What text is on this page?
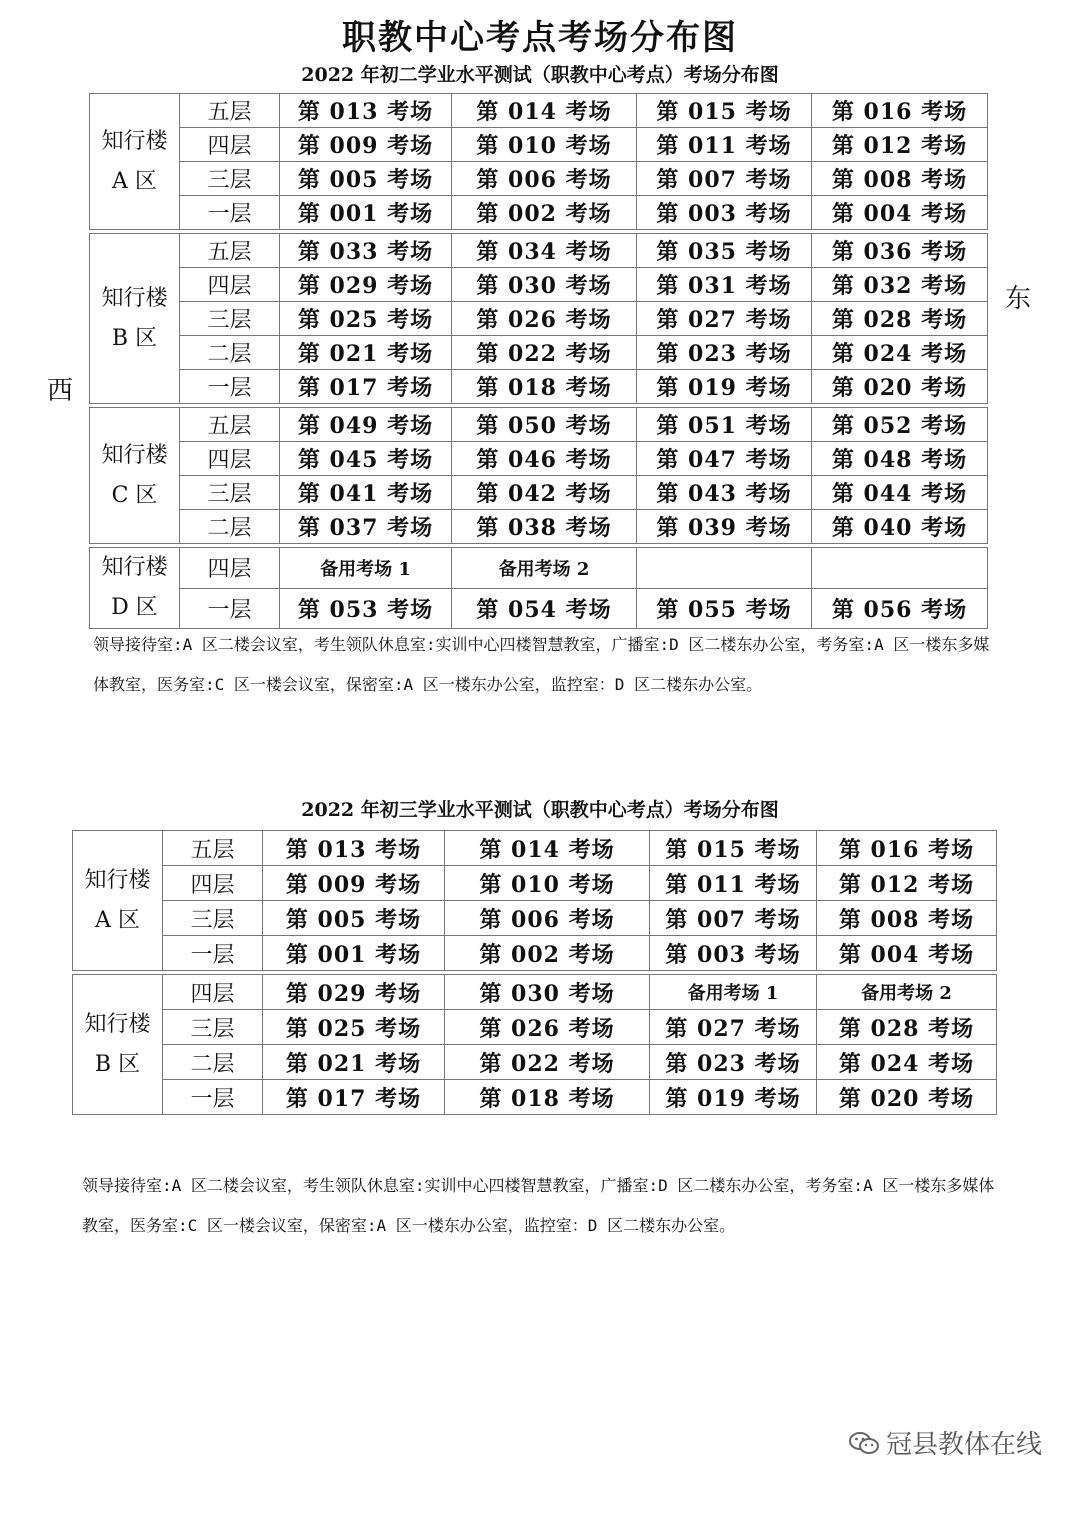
职教中心考点考场分布图
2022 年初二学业水平测试（职教中心考点）考场分布图
东
西
知行楼
A 区	五层	第 013 考场	第 014 考场	第 015 考场	第 016 考场
	四层	第 009 考场	第 010 考场	第 011 考场	第 012 考场
	三层	第 005 考场	第 006 考场	第 007 考场	第 008 考场
	一层	第 001 考场	第 002 考场	第 003 考场	第 004 考场

知行楼
B 区	五层	第 033 考场	第 034 考场	第 035 考场	第 036 考场
	四层	第 029 考场	第 030 考场	第 031 考场	第 032 考场
	三层	第 025 考场	第 026 考场	第 027 考场	第 028 考场
	二层	第 021 考场	第 022 考场	第 023 考场	第 024 考场
	一层	第 017 考场	第 018 考场	第 019 考场	第 020 考场

知行楼
C 区	五层	第 049 考场	第 050 考场	第 051 考场	第 052 考场
	四层	第 045 考场	第 046 考场	第 047 考场	第 048 考场
	三层	第 041 考场	第 042 考场	第 043 考场	第 044 考场
	二层	第 037 考场	第 038 考场	第 039 考场	第 040 考场

知行楼
D 区	四层	备用考场 1	备用考场 2		
	一层	第 053 考场	第 054 考场	第 055 考场	第 056 考场
领导接待室:A 区二楼会议室，考生领队休息室:实训中心四楼智慧教室，广播室:D 区二楼东办公室，考务室:A 区一楼东多媒体教室，医务室:C 区一楼会议室，保密室:A 区一楼东办公室，监控室：D 区二楼东办公室。
2022 年初三学业水平测试（职教中心考点）考场分布图
知行楼
A 区	五层	第 013 考场	第 014 考场	第 015 考场	第 016 考场
	四层	第 009 考场	第 010 考场	第 011 考场	第 012 考场
	三层	第 005 考场	第 006 考场	第 007 考场	第 008 考场
	一层	第 001 考场	第 002 考场	第 003 考场	第 004 考场

知行楼
B 区	四层	第 029 考场	第 030 考场	备用考场 1	备用考场 2
	三层	第 025 考场	第 026 考场	第 027 考场	第 028 考场
	二层	第 021 考场	第 022 考场	第 023 考场	第 024 考场
	一层	第 017 考场	第 018 考场	第 019 考场	第 020 考场
领导接待室:A 区二楼会议室，考生领队休息室:实训中心四楼智慧教室，广播室:D 区二楼东办公室，考务室:A 区一楼东多媒体教室，医务室:C 区一楼会议室，保密室:A 区一楼东办公室，监控室：D 区二楼东办公室。
冠县教体在线
